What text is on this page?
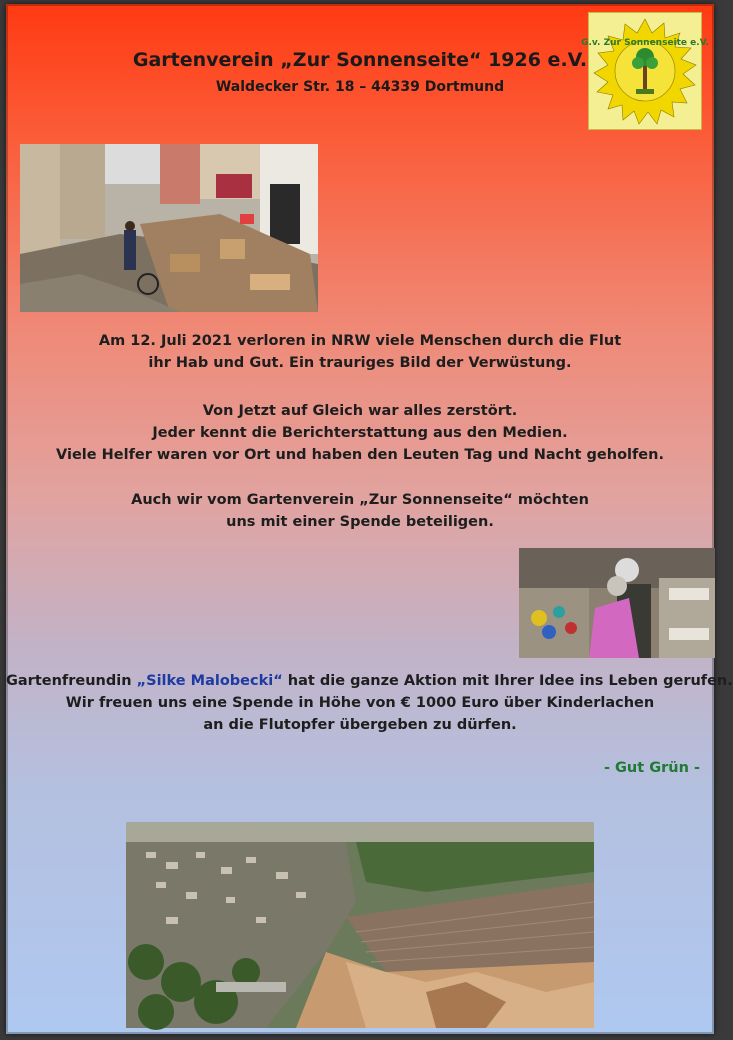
Gartenverein „Zur Sonnenseite“ 1926 e.V.
Waldecker Str. 18 – 44339 Dortmund
G.v. Zur Sonnenseite e.V.
Am 12. Juli 2021 verloren in NRW viele Menschen durch die Flut
ihr Hab und Gut. Ein trauriges Bild der Verwüstung.
Von Jetzt auf Gleich war alles zerstört.
Jeder kennt die Berichterstattung aus den Medien.
Viele Helfer waren vor Ort und haben den Leuten Tag und Nacht geholfen.
Auch wir vom Gartenverein „Zur Sonnenseite“ möchten
uns mit einer Spende beteiligen.
Gartenfreundin „Silke Malobecki“ hat die ganze Aktion mit Ihrer Idee ins Leben gerufen.
Wir freuen uns eine Spende in Höhe von € 1000 Euro über Kinderlachen
an die Flutopfer übergeben zu dürfen.
- Gut Grün -
